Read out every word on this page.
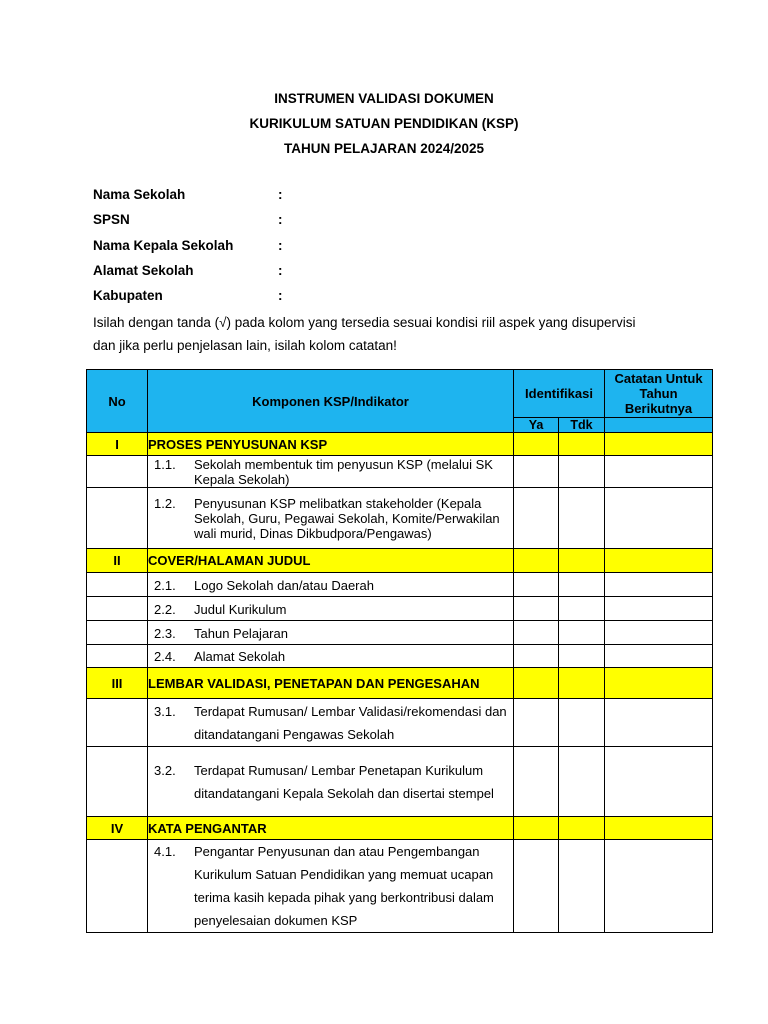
INSTRUMEN VALIDASI DOKUMEN
KURIKULUM SATUAN PENDIDIKAN (KSP)
TAHUN PELAJARAN 2024/2025
Nama Sekolah	:
SPSN	:
Nama Kepala Sekolah	:
Alamat Sekolah	:
Kabupaten	:
Isilah dengan tanda (√) pada kolom yang tersedia sesuai kondisi riil aspek yang disupervisi
dan jika perlu penjelasan lain, isilah kolom catatan!
No	Komponen KSP/Indikator	Identifikasi		Catatan Untuk Tahun Berikutnya
		Ya	Tdk	
I	PROSES PENYUSUNAN KSP			

	1.1. Sekolah membentuk tim penyusun KSP (melalui SK Kepala Sekolah)			

	1.2. Penyusunan KSP melibatkan stakeholder (Kepala Sekolah, Guru, Pegawai Sekolah, Komite/Perwakilan wali murid, Dinas Dikbudpora/Pengawas)			

II	COVER/HALAMAN JUDUL			

	2.1. Logo Sekolah dan/atau Daerah			

	2.2. Judul Kurikulum			

	2.3. Tahun Pelajaran			

	2.4. Alamat Sekolah			

III	LEMBAR VALIDASI, PENETAPAN DAN PENGESAHAN			

	3.1. Terdapat Rumusan/ Lembar Validasi/rekomendasi dan ditandatangani Pengawas Sekolah			

	3.2. Terdapat Rumusan/ Lembar Penetapan Kurikulum ditandatangani Kepala Sekolah dan disertai stempel			

IV	KATA PENGANTAR			

	4.1. Pengantar Penyusunan dan atau Pengembangan Kurikulum Satuan Pendidikan yang memuat ucapan terima kasih kepada pihak yang berkontribusi dalam penyelesaian dokumen KSP			
